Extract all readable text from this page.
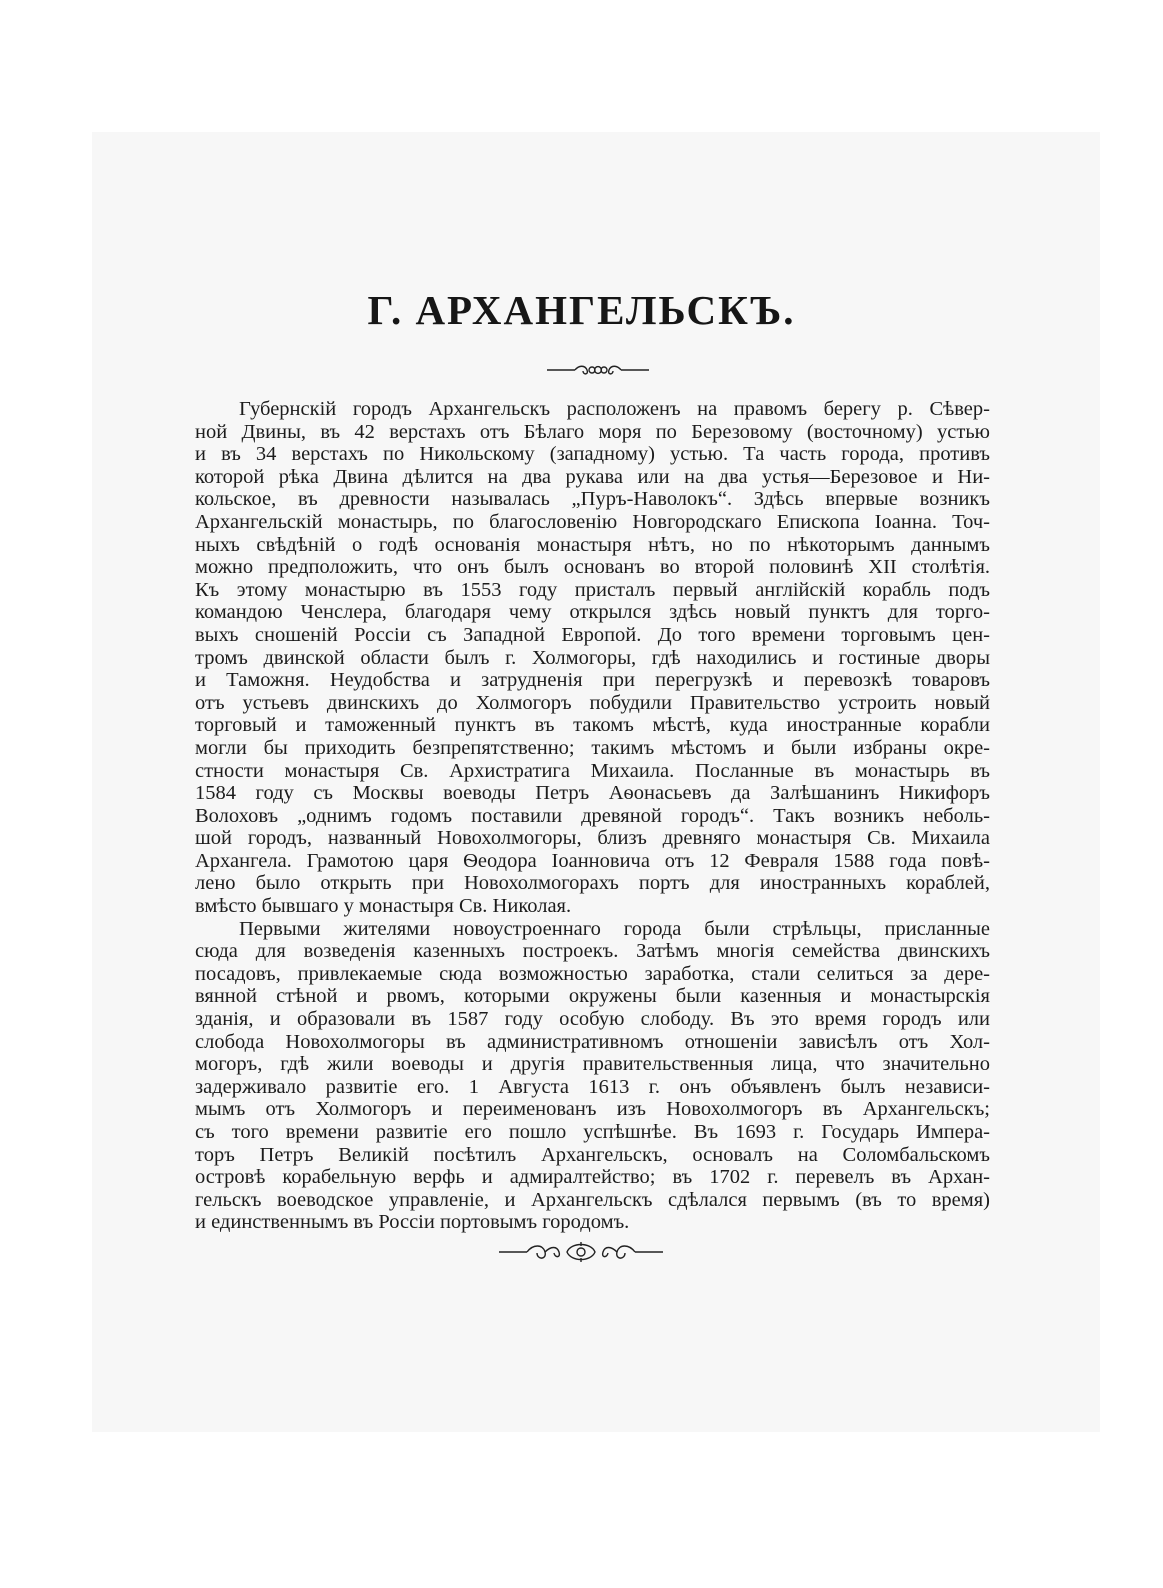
Г. АРХАНГЕЛЬСКЪ.
Губернскій городъ Архангельскъ расположенъ на правомъ берегу р. Сѣвер-
ной Двины, въ 42 верстахъ отъ Бѣлаго моря по Березовому (восточному) устью
и въ 34 верстахъ по Никольскому (западному) устью. Та часть города, противъ
которой рѣка Двина дѣлится на два рукава или на два устья—Березовое и Ни-
кольское, въ древности называлась „Пуръ-Наволокъ“. Здѣсь впервые возникъ
Архангельскій монастырь, по благословенію Новгородскаго Епископа Іоанна. Точ-
ныхъ свѣдѣній о годѣ основанія монастыря нѣтъ, но по нѣкоторымъ даннымъ
можно предположить, что онъ былъ основанъ во второй половинѣ XII столѣтія.
Къ этому монастырю въ 1553 году присталъ первый англійскій корабль подъ
командою Ченслера, благодаря чему открылся здѣсь новый пунктъ для торго-
выхъ сношеній Россіи съ Западной Европой. До того времени торговымъ цен-
тромъ двинской области былъ г. Холмогоры, гдѣ находились и гостиные дворы
и Таможня. Неудобства и затрудненія при перегрузкѣ и перевозкѣ товаровъ
отъ устьевъ двинскихъ до Холмогоръ побудили Правительство устроить новый
торговый и таможенный пунктъ въ такомъ мѣстѣ, куда иностранные корабли
могли бы приходить безпрепятственно; такимъ мѣстомъ и были избраны окре-
стности монастыря Св. Архистратига Михаила. Посланные въ монастырь въ
1584 году съ Москвы воеводы Петръ Аѳонасьевъ да Залѣшанинъ Никифоръ
Волоховъ „однимъ годомъ поставили древяной городъ“. Такъ возникъ неболь-
шой городъ, названный Новохолмогоры, близъ древняго монастыря Св. Михаила
Архангела. Грамотою царя Ѳеодора Іоанновича отъ 12 Февраля 1588 года повѣ-
лено было открыть при Новохолмогорахъ портъ для иностранныхъ кораблей,
вмѣсто бывшаго у монастыря Св. Николая.
Первыми жителями новоустроеннаго города были стрѣльцы, присланные
сюда для возведенія казенныхъ построекъ. Затѣмъ многія семейства двинскихъ
посадовъ, привлекаемые сюда возможностью заработка, стали селиться за дере-
вянной стѣной и рвомъ, которыми окружены были казенныя и монастырскія
зданія, и образовали въ 1587 году особую слободу. Въ это время городъ или
слобода Новохолмогоры въ административномъ отношеніи зависѣлъ отъ Хол-
могоръ, гдѣ жили воеводы и другія правительственныя лица, что значительно
задерживало развитіе его. 1 Августа 1613 г. онъ объявленъ былъ независи-
мымъ отъ Холмогоръ и переименованъ изъ Новохолмогоръ въ Архангельскъ;
съ того времени развитіе его пошло успѣшнѣе. Въ 1693 г. Государь Импера-
торъ Петръ Великій посѣтилъ Архангельскъ, основалъ на Соломбальскомъ
островѣ корабельную верфь и адмиралтейство; въ 1702 г. перевелъ въ Архан-
гельскъ воеводское управленіе, и Архангельскъ сдѣлался первымъ (въ то время)
и единственнымъ въ Россіи портовымъ городомъ.
